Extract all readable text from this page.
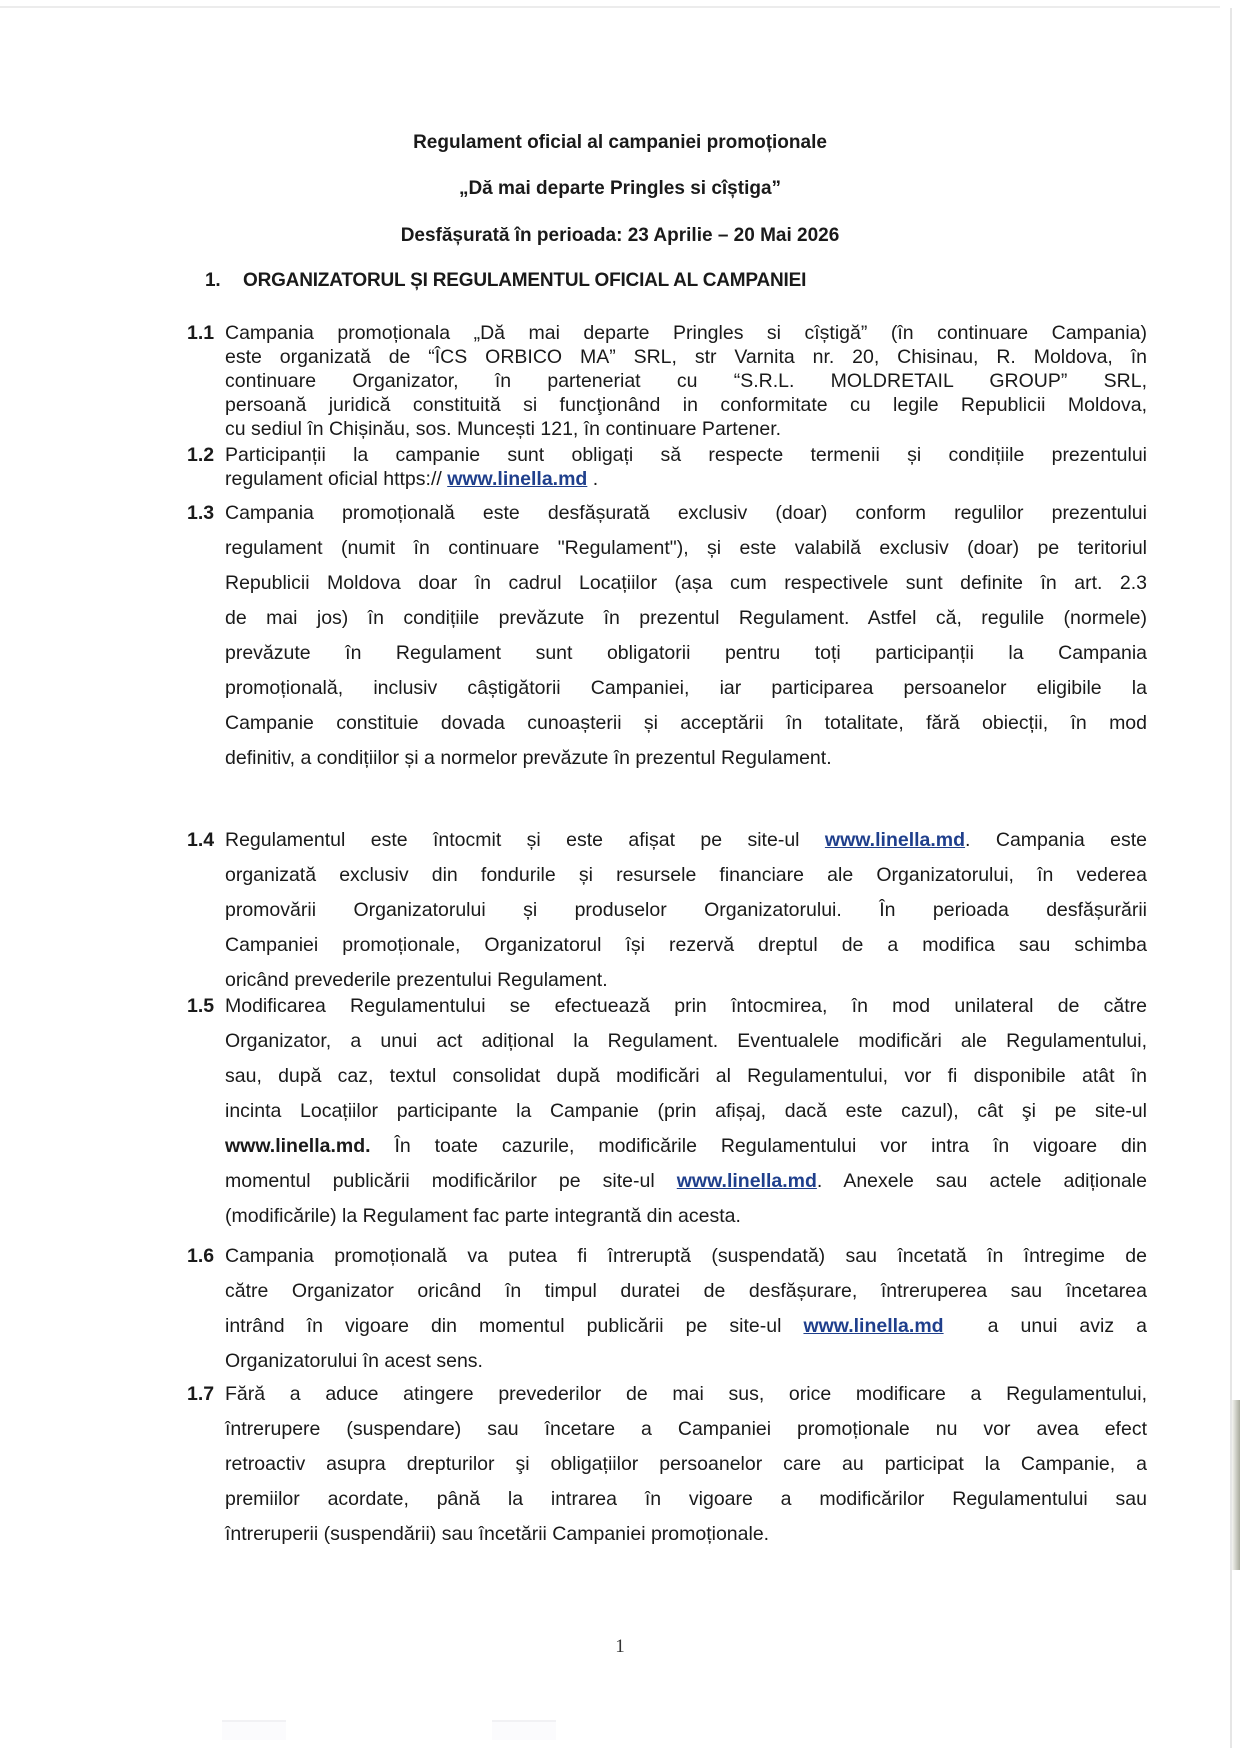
Regulament oficial al campaniei promoționale
„Dă mai departe Pringles si cîștiga”
Desfășurată în perioada: 23 Aprilie – 20 Mai 2026
1. ORGANIZATORUL ȘI REGULAMENTUL OFICIAL AL CAMPANIEI
1.1 Campania promoționala „Dă mai departe Pringles si cîștigă” (în continuare Campania)
este organizată de “ÎCS ORBICO MA” SRL, str Varnita nr. 20, Chisinau, R. Moldova, în
continuare Organizator, în parteneriat cu “S.R.L. MOLDRETAIL GROUP” SRL,
persoană juridică constituită si funcţionând in conformitate cu legile Republicii Moldova,
cu sediul în Chișinău, sos. Muncești 121, în continuare Partener.
1.2 Participanții la campanie sunt obligați să respecte termenii și condițiile prezentului
regulament oficial https:// www.linella.md .
1.3 Campania promoțională este desfășurată exclusiv (doar) conform regulilor prezentului
regulament (numit în continuare "Regulament"), și este valabilă exclusiv (doar) pe teritoriul
Republicii Moldova doar în cadrul Locațiilor (așa cum respectivele sunt definite în art. 2.3
de mai jos) în condițiile prevăzute în prezentul Regulament. Astfel că, regulile (normele)
prevăzute în Regulament sunt obligatorii pentru toți participanții la Campania
promoțională, inclusiv câștigătorii Campaniei, iar participarea persoanelor eligibile la
Campanie constituie dovada cunoașterii și acceptării în totalitate, fără obiecții, în mod
definitiv, a condițiilor și a normelor prevăzute în prezentul Regulament.
1.4 Regulamentul este întocmit și este afișat pe site-ul www.linella.md. Campania este
organizată exclusiv din fondurile și resursele financiare ale Organizatorului, în vederea
promovării Organizatorului și produselor Organizatorului. În perioada desfășurării
Campaniei promoționale, Organizatorul își rezervă dreptul de a modifica sau schimba
oricând prevederile prezentului Regulament.
1.5 Modificarea Regulamentului se efectuează prin întocmirea, în mod unilateral de către
Organizator, a unui act adițional la Regulament. Eventualele modificări ale Regulamentului,
sau, după caz, textul consolidat după modificări al Regulamentului, vor fi disponibile atât în
incinta Locațiilor participante la Campanie (prin afișaj, dacă este cazul), cât şi pe site-ul
www.linella.md. În toate cazurile, modificările Regulamentului vor intra în vigoare din
momentul publicării modificărilor pe site-ul www.linella.md. Anexele sau actele adiționale
(modificările) la Regulament fac parte integrantă din acesta.
1.6 Campania promoțională va putea fi întreruptă (suspendată) sau încetată în întregime de
către Organizator oricând în timpul duratei de desfășurare, întreruperea sau încetarea
intrând în vigoare din momentul publicării pe site-ul www.linella.md  a unui aviz a
Organizatorului în acest sens.
1.7 Fără a aduce atingere prevederilor de mai sus, orice modificare a Regulamentului,
întrerupere (suspendare) sau încetare a Campaniei promoționale nu vor avea efect
retroactiv asupra drepturilor şi obligațiilor persoanelor care au participat la Campanie, a
premiilor acordate, până la intrarea în vigoare a modificărilor Regulamentului sau
întreruperii (suspendării) sau încetării Campaniei promoționale.
1
